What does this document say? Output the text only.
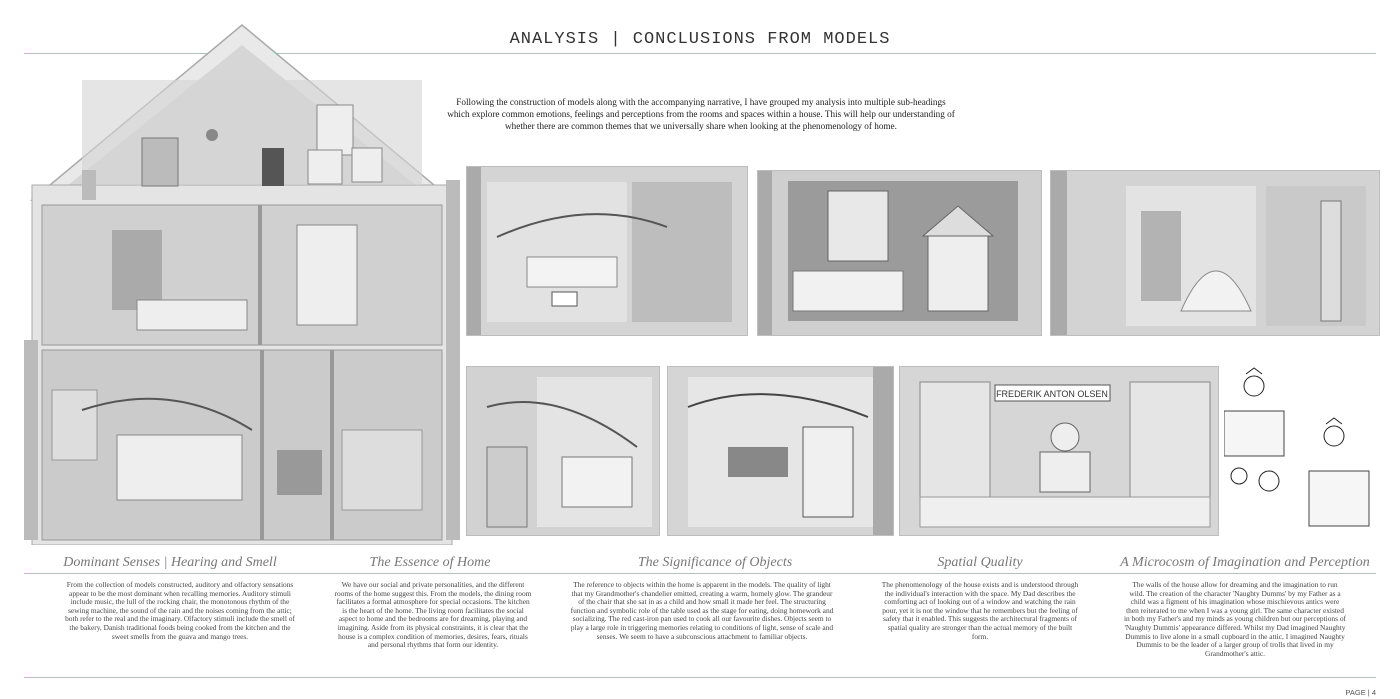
ANALYSIS | CONCLUSIONS FROM MODELS
Following the construction of models along with the accompanying narrative, I have grouped my analysis into multiple sub-headings which explore common emotions, feelings and perceptions from the rooms and spaces within a house. This will help our understanding of whether there are common themes that we universally share when looking at the phenomenology of home.
FREDERIK ANTON OLSEN
Dominant Senses | Hearing and Smell	The Essence of Home	The Significance of Objects	Spatial Quality	A Microcosm of Imagination and Perception
From the collection of models constructed, auditory and olfactory sensations appear to be the most dominant when recalling memories. Auditory stimuli include music, the lull of the rocking chair, the monotonous rhythm of the sewing machine, the sound of the rain and the noises coming from the attic; both refer to the real and the imaginary. Olfactory stimuli include the smell of the bakery, Danish traditional foods being cooked from the kitchen and the sweet smells from the guava and mango trees.
We have our social and private personalities, and the different rooms of the home suggest this. From the models, the dining room facilitates a formal atmosphere for special occasions. The kitchen is the heart of the home. The living room facilitates the social aspect to home and the bedrooms are for dreaming, playing and imagining. Aside from its physical constraints, it is clear that the house is a complex condition of memories, desires, fears, rituals and personal rhythms that form our identity.
The reference to objects within the home is apparent in the models. The quality of light that my Grandmother's chandelier emitted, creating a warm, homely glow. The grandeur of the chair that she sat in as a child and how small it made her feel. The structuring function and symbolic role of the table used as the stage for eating, doing homework and socializing. The red cast-iron pan used to cook all our favourite dishes. Objects seem to play a large role in triggering memories relating to conditions of light, sense of scale and senses. We seem to have a subconscious attachment to familiar objects.
The phenomenology of the house exists and is understood through the individual's interaction with the space. My Dad describes the comforting act of looking out of a window and watching the rain pour, yet it is not the window that he remembers but the feeling of safety that it enabled. This suggests the architectural fragments of spatial quality are stronger than the actual memory of the built form.
The walls of the house allow for dreaming and the imagination to run wild. The creation of the character 'Naughty Dumms' by my Father as a child was a figment of his imagination whose mischievous antics were then reiterated to me when I was a young girl. The same character existed in both my Father's and my minds as young children but our perceptions of 'Naughty Dummis' appearance differed. Whilst my Dad imagined Naughty Dummis to live alone in a small cupboard in the attic, I imagined Naughty Dummis to be the leader of a larger group of trolls that lived in my Grandmother's attic.
PAGE | 4
